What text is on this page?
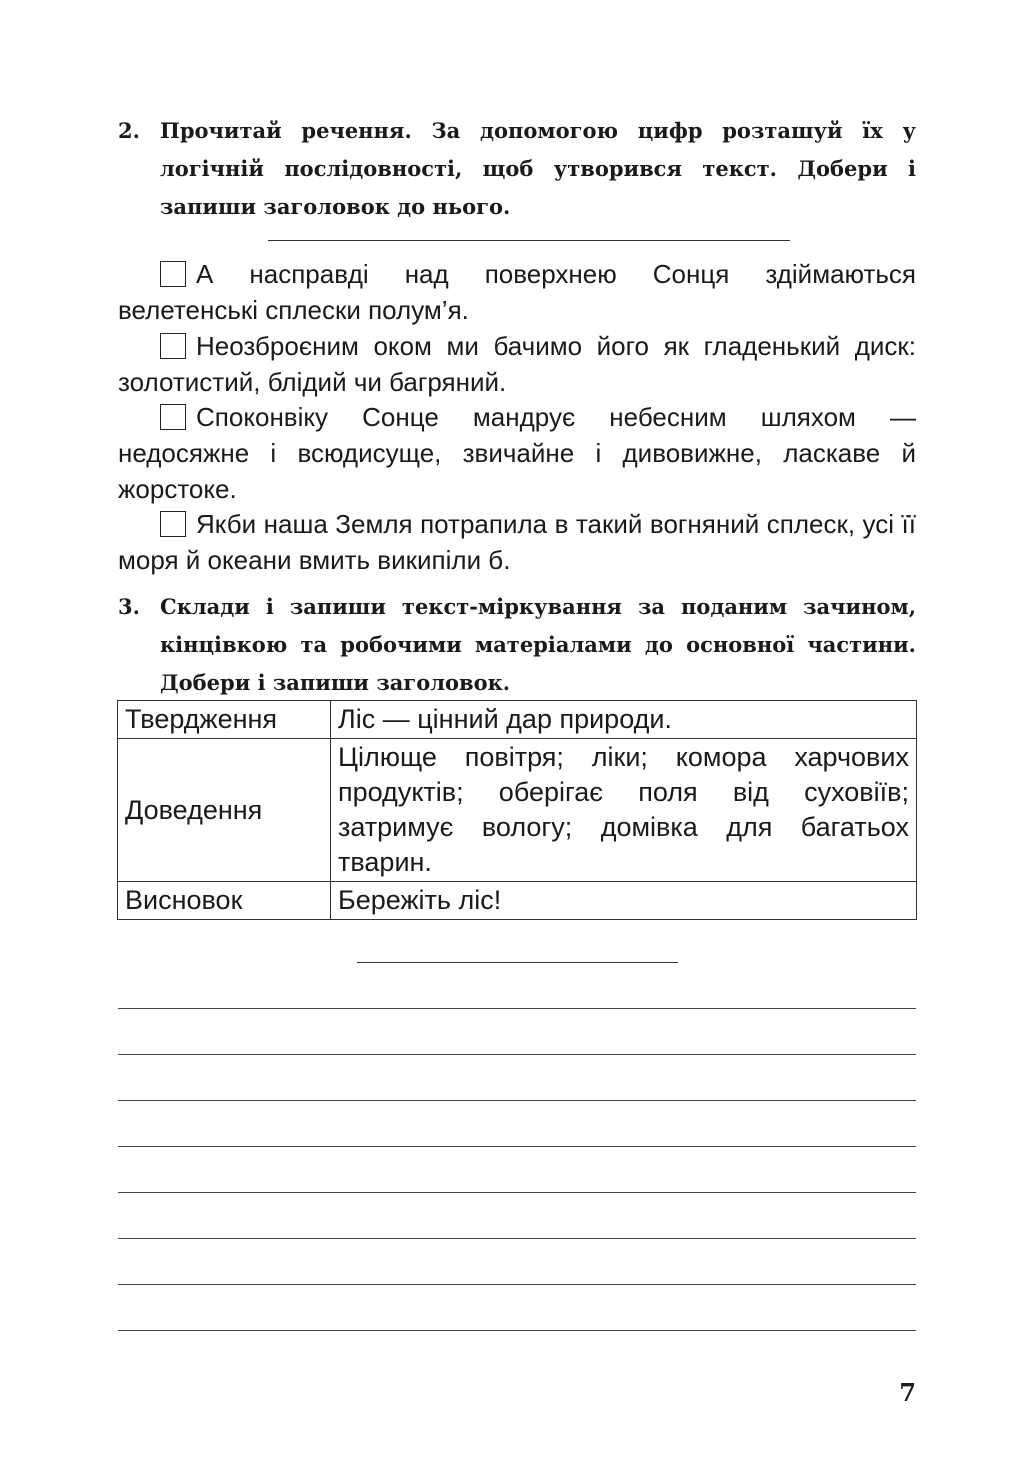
2. Прочитай речення. За допомогою цифр розташуй їх у логічній послідовності, щоб утворився текст. Добери і запиши заголовок до нього.
А насправді над поверхнею Сонця здіймаються велетенські сплески полум’я.
Неозброєним оком ми бачимо його як гладенький диск: золотистий, блідий чи багряний.
Споконвіку Сонце мандрує небесним шляхом — недосяжне і всюдисуще, звичайне і дивовижне, ласкаве й жорстоке.
Якби наша Земля потрапила в такий вогняний сплеск, усі її моря й океани вмить википіли б.
3. Склади і запиши текст-міркування за поданим зачином, кінцівкою та робочими матеріалами до основної частини. Добери і запиши заголовок.
Твердження	Ліс — цінний дар природи.
Доведення	Цілюще повітря; ліки; комора харчових продуктів; оберігає поля від суховіїв; затримує вологу; домівка для багатьох тварин.
Висновок	Бережіть ліс!
7
